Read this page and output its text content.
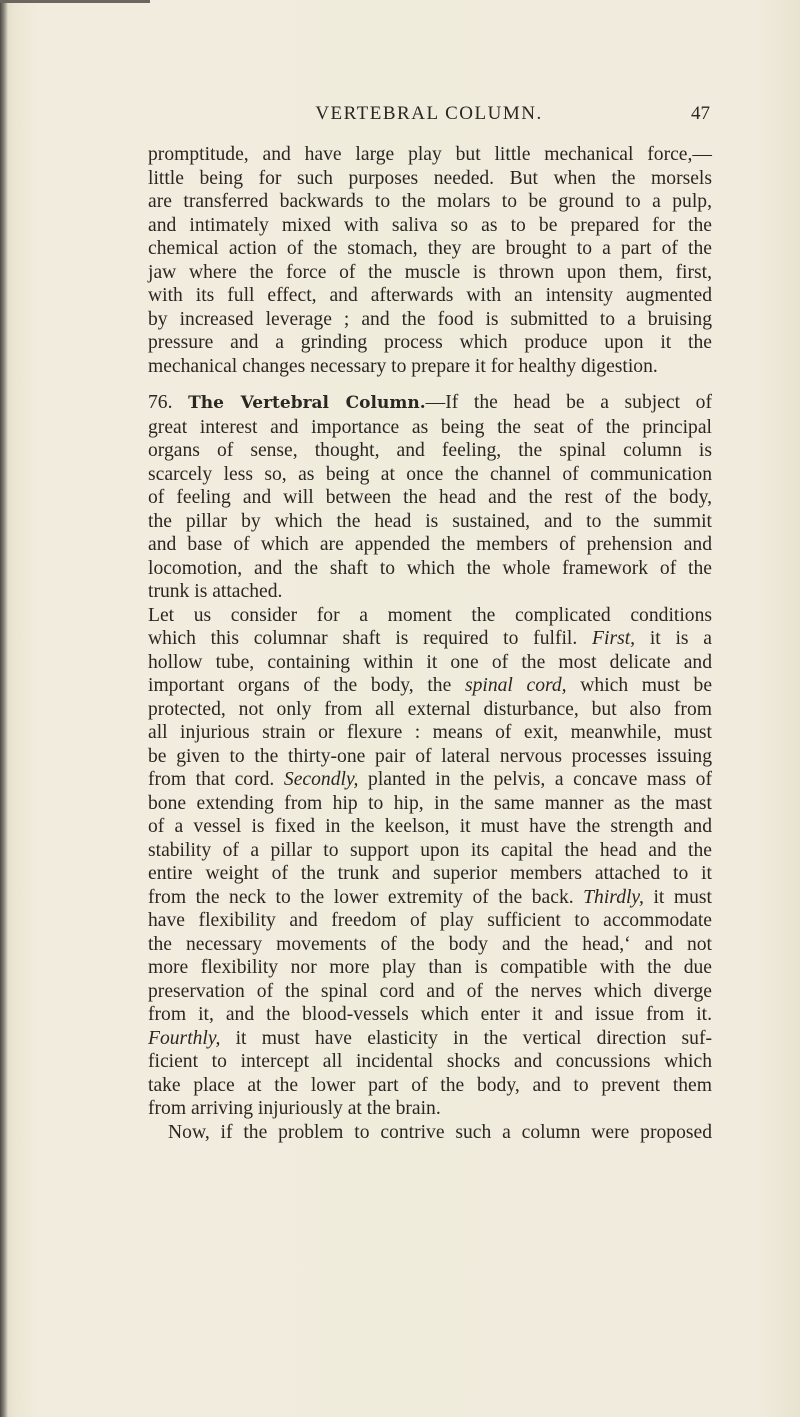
VERTEBRAL COLUMN.	47
promptitude, and have large play but little mechanical force,—
little being for such purposes needed. But when the morsels
are transferred backwards to the molars to be ground to a pulp,
and intimately mixed with saliva so as to be prepared for the
chemical action of the stomach, they are brought to a part of the
jaw where the force of the muscle is thrown upon them, first,
with its full effect, and afterwards with an intensity augmented
by increased leverage ; and the food is submitted to a bruising
pressure and a grinding process which produce upon it the
mechanical changes necessary to prepare it for healthy digestion.
76. The Vertebral Column.—If the head be a subject of
great interest and importance as being the seat of the principal
organs of sense, thought, and feeling, the spinal column is
scarcely less so, as being at once the channel of communication
of feeling and will between the head and the rest of the body,
the pillar by which the head is sustained, and to the summit
and base of which are appended the members of prehension and
locomotion, and the shaft to which the whole framework of the
trunk is attached.
Let us consider for a moment the complicated conditions
which this columnar shaft is required to fulfil. First, it is a
hollow tube, containing within it one of the most delicate and
important organs of the body, the spinal cord, which must be
protected, not only from all external disturbance, but also from
all injurious strain or flexure : means of exit, meanwhile, must
be given to the thirty-one pair of lateral nervous processes issuing
from that cord. Secondly, planted in the pelvis, a concave mass of
bone extending from hip to hip, in the same manner as the mast
of a vessel is fixed in the keelson, it must have the strength and
stability of a pillar to support upon its capital the head and the
entire weight of the trunk and superior members attached to it
from the neck to the lower extremity of the back. Thirdly, it must
have flexibility and freedom of play sufficient to accommodate
the necessary movements of the body and the head,‘ and not
more flexibility nor more play than is compatible with the due
preservation of the spinal cord and of the nerves which diverge
from it, and the blood-vessels which enter it and issue from it.
Fourthly, it must have elasticity in the vertical direction suf-
ficient to intercept all incidental shocks and concussions which
take place at the lower part of the body, and to prevent them
from arriving injuriously at the brain.
Now, if the problem to contrive such a column were proposed
